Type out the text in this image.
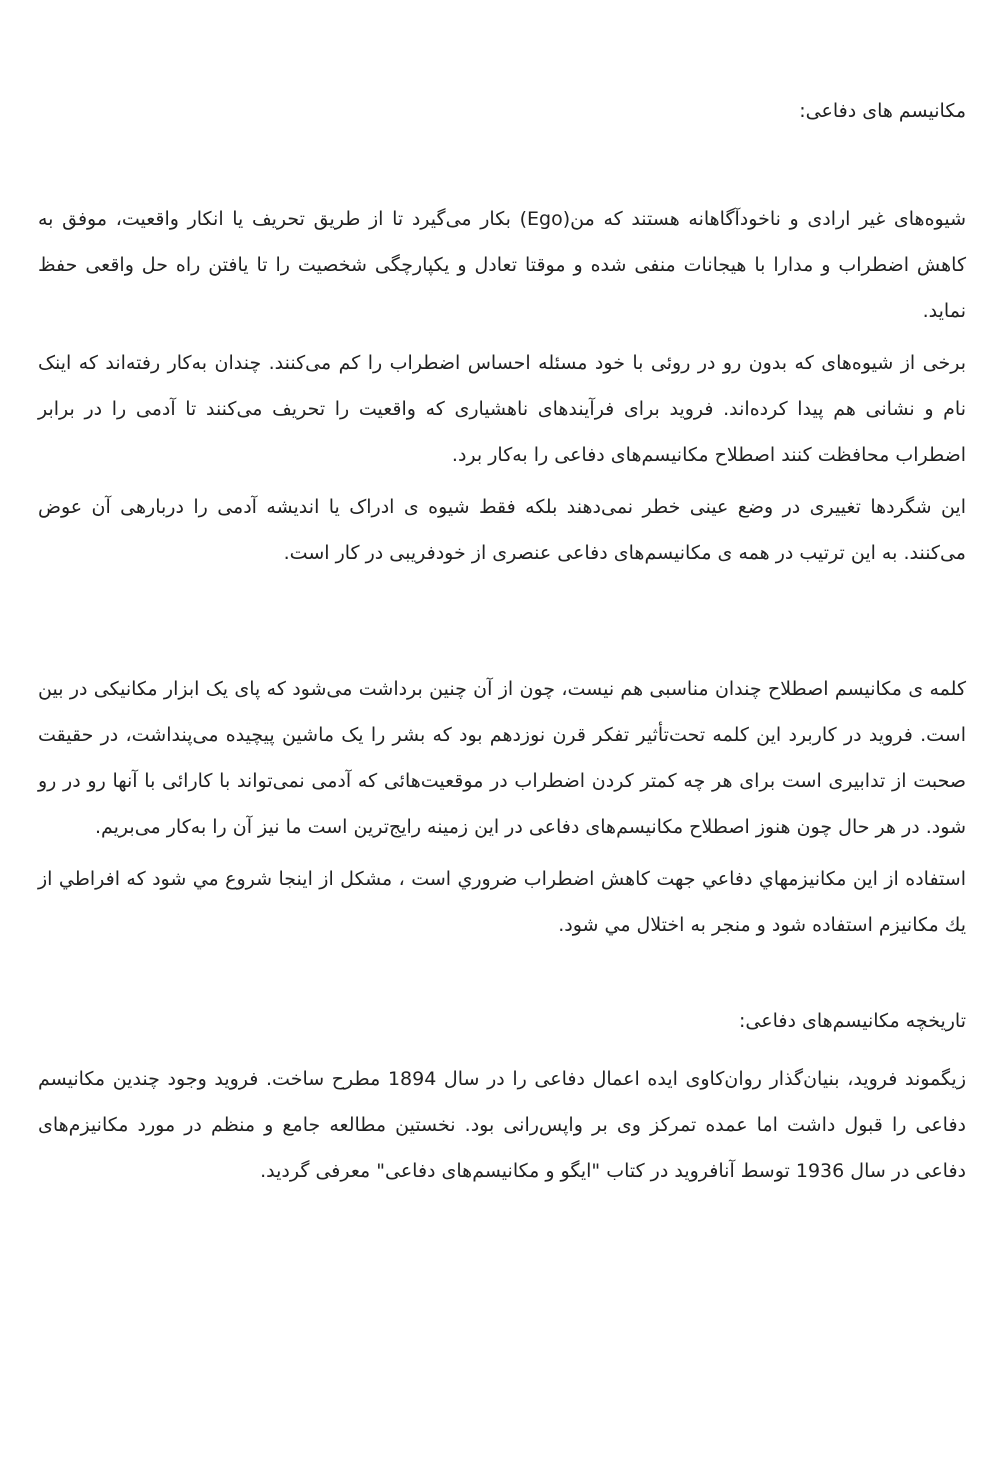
مکانیسم های دفاعی:

شیوه‌های غیر ارادی و ناخودآگاهانه هستند که من(Ego) بکار می‌گیرد تا از طریق تحریف یا انکار واقعیت، موفق به کاهش اضطراب و مدارا با هیجانات منفی شده و موقتا تعادل و یکپارچگی شخصیت را تا یافتن راه حل واقعی حفظ نماید.

برخی از شیوه‌های که بدون رو در روئی با خود مسئله احساس اضطراب را کم می‌کنند. چندان به‌کار رفته‌اند که اینک نام و نشانی هم پیدا کرده‌اند. فروید برای فرآیندهای ناهشیاری که واقعیت را تحریف می‌کنند تا آدمی را در برابر اضطراب محافظت کنند اصطلاح مکانیسم‌های دفاعی را به‌کار برد.

این شگردها تغییری در وضع عینی خطر نمی‌دهند بلکه فقط شیوه ی ادراک یا اندیشه آدمی را دربارهی آن عوض می‌کنند. به این ترتیب در همه ی مکانیسم‌های دفاعی عنصری از خودفریبی در کار است.

کلمه ی مکانیسم اصطلاح چندان مناسبی هم نیست، چون از آن چنین برداشت می‌شود که پای یک ابزار مکانیکی در بین است. فروید در کاربرد این کلمه تحت‌تأثیر تفکر قرن نوزدهم بود که بشر را یک ماشین پیچیده می‌پنداشت، در حقیقت صحبت از تدابیری است برای هر چه کمتر کردن اضطراب در موقعیت‌هائی که آدمی نمی‌تواند با کارائی با آنها رو در رو شود. در هر حال چون هنوز اصطلاح مکانیسم‌های دفاعی در این زمینه رایج‌ترین است ما نیز آن را به‌کار می‌بریم.

استفاده از اين مكانيزمهاي دفاعي جهت كاهش اضطراب ضروري است ، مشكل از اينجا شروع مي شود كه افراطي از يك مكانيزم استفاده شود و منجر به اختلال مي شود.

تاریخچه مکانیسم‌های دفاعی:

زیگموند فروید، بنیان‌گذار روان‌کاوی ایده اعمال دفاعی را در سال 1894 مطرح ساخت. فروید وجود چندین مکانیسم دفاعی را قبول داشت اما عمده تمرکز وی بر واپس‌رانی بود. نخستین مطالعه جامع و منظم در مورد مکانیزم‌های دفاعی در سال 1936 توسط آنافروید در کتاب "ایگو و مکانیسم‌های دفاعی" معرفی گردید.
